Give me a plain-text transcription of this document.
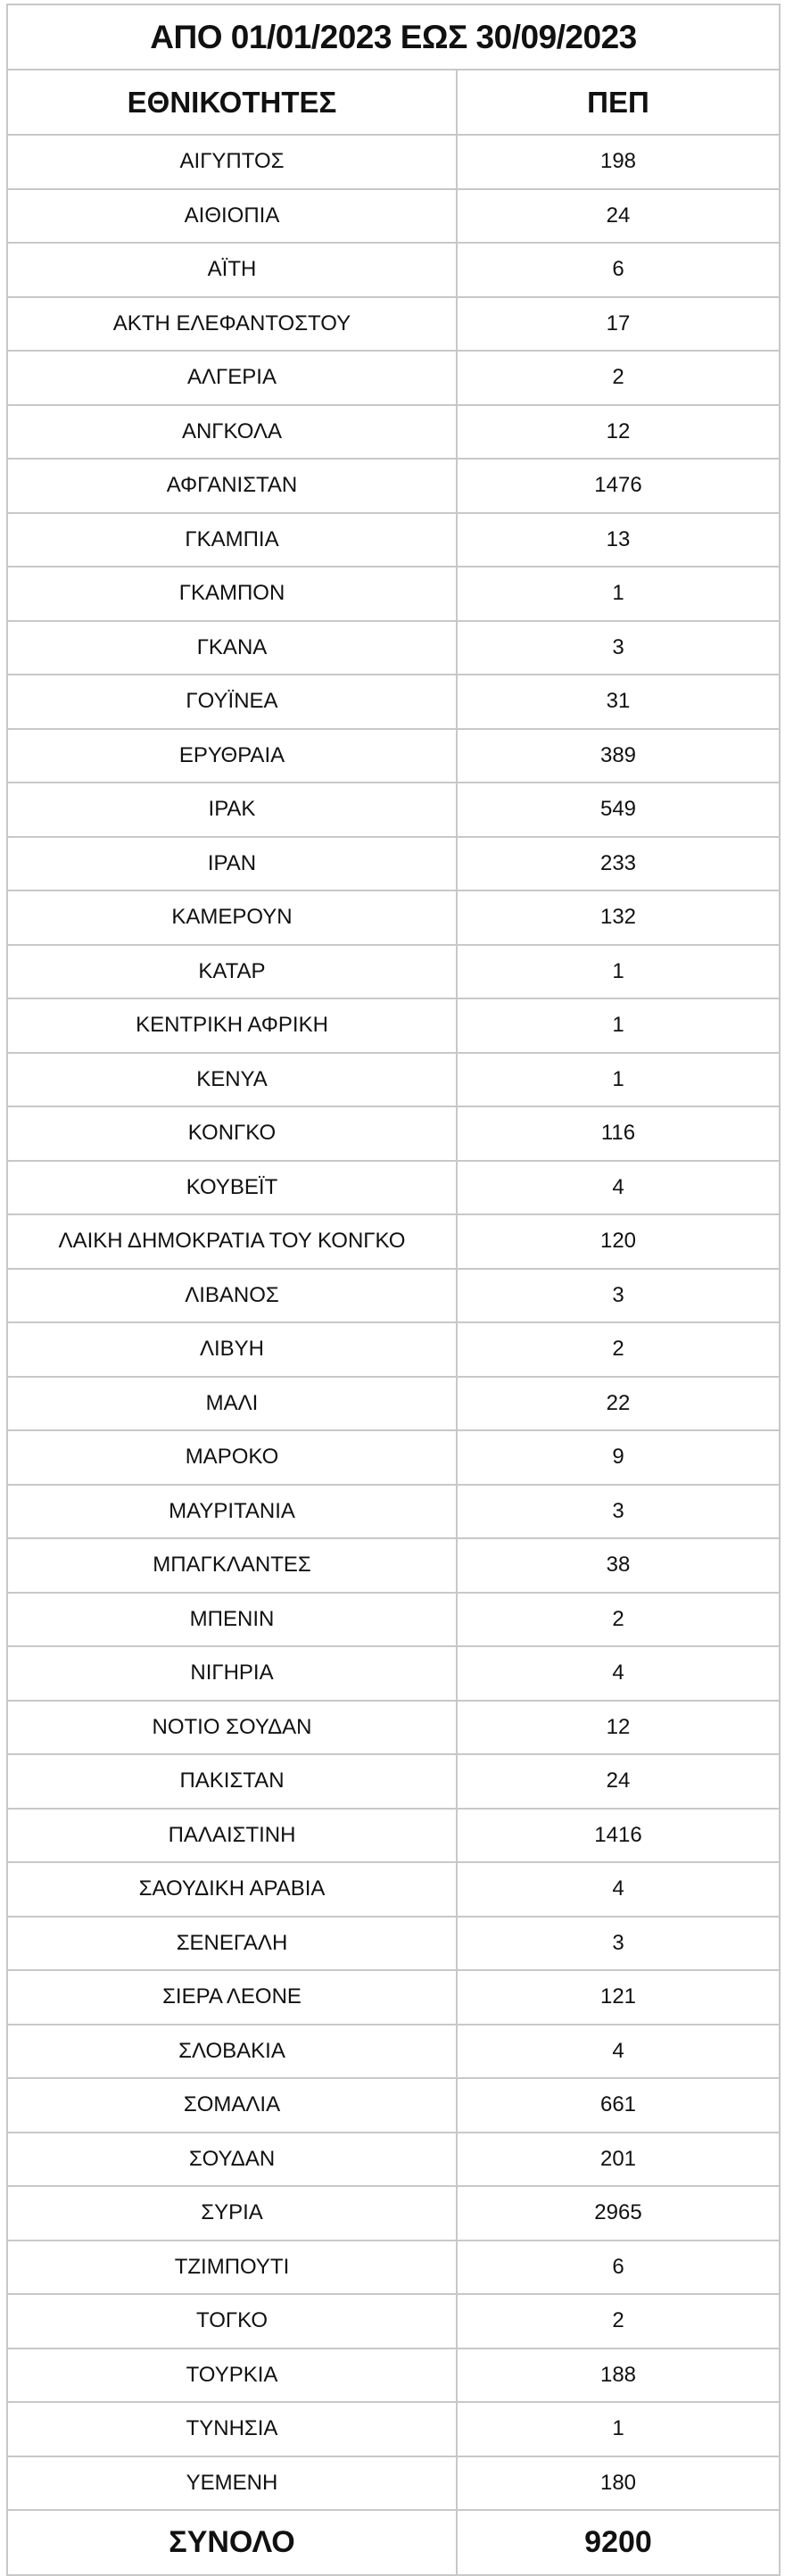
ΑΠΟ 01/01/2023 ΕΩΣ 30/09/2023	
ΕΘΝΙΚΟΤΗΤΕΣ	ΠΕΠ
ΑΙΓΥΠΤΟΣ	198
ΑΙΘΙΟΠΙΑ	24
ΑΪΤΗ	6
ΑΚΤΗ ΕΛΕΦΑΝΤΟΣΤΟΥ	17
ΑΛΓΕΡΙΑ	2
ΑΝΓΚΟΛΑ	12
ΑΦΓΑΝΙΣΤΑΝ	1476
ΓΚΑΜΠΙΑ	13
ΓΚΑΜΠΟΝ	1
ΓΚΑΝΑ	3
ΓΟΥΪΝΕΑ	31
ΕΡΥΘΡΑΙΑ	389
ΙΡΑΚ	549
ΙΡΑΝ	233
ΚΑΜΕΡΟΥΝ	132
ΚΑΤΑΡ	1
ΚΕΝΤΡΙΚΗ ΑΦΡΙΚΗ	1
ΚΕΝΥΑ	1
ΚΟΝΓΚΟ	116
ΚΟΥΒΕΪΤ	4
ΛΑΙΚΗ ΔΗΜΟΚΡΑΤΙΑ ΤΟΥ ΚΟΝΓΚΟ	120
ΛΙΒΑΝΟΣ	3
ΛΙΒΥΗ	2
ΜΑΛΙ	22
ΜΑΡΟΚΟ	9
ΜΑΥΡΙΤΑΝΙΑ	3
ΜΠΑΓΚΛΑΝΤΕΣ	38
ΜΠΕΝΙΝ	2
ΝΙΓΗΡΙΑ	4
ΝΟΤΙΟ ΣΟΥΔΑΝ	12
ΠΑΚΙΣΤΑΝ	24
ΠΑΛΑΙΣΤΙΝΗ	1416
ΣΑΟΥΔΙΚΗ ΑΡΑΒΙΑ	4
ΣΕΝΕΓΑΛΗ	3
ΣΙΕΡΑ ΛΕΟΝΕ	121
ΣΛΟΒΑΚΙΑ	4
ΣΟΜΑΛΙΑ	661
ΣΟΥΔΑΝ	201
ΣΥΡΙΑ	2965
ΤΖΙΜΠΟΥΤΙ	6
ΤΟΓΚΟ	2
ΤΟΥΡΚΙΑ	188
ΤΥΝΗΣΙΑ	1
ΥΕΜΕΝΗ	180
ΣΥΝΟΛΟ	9200
